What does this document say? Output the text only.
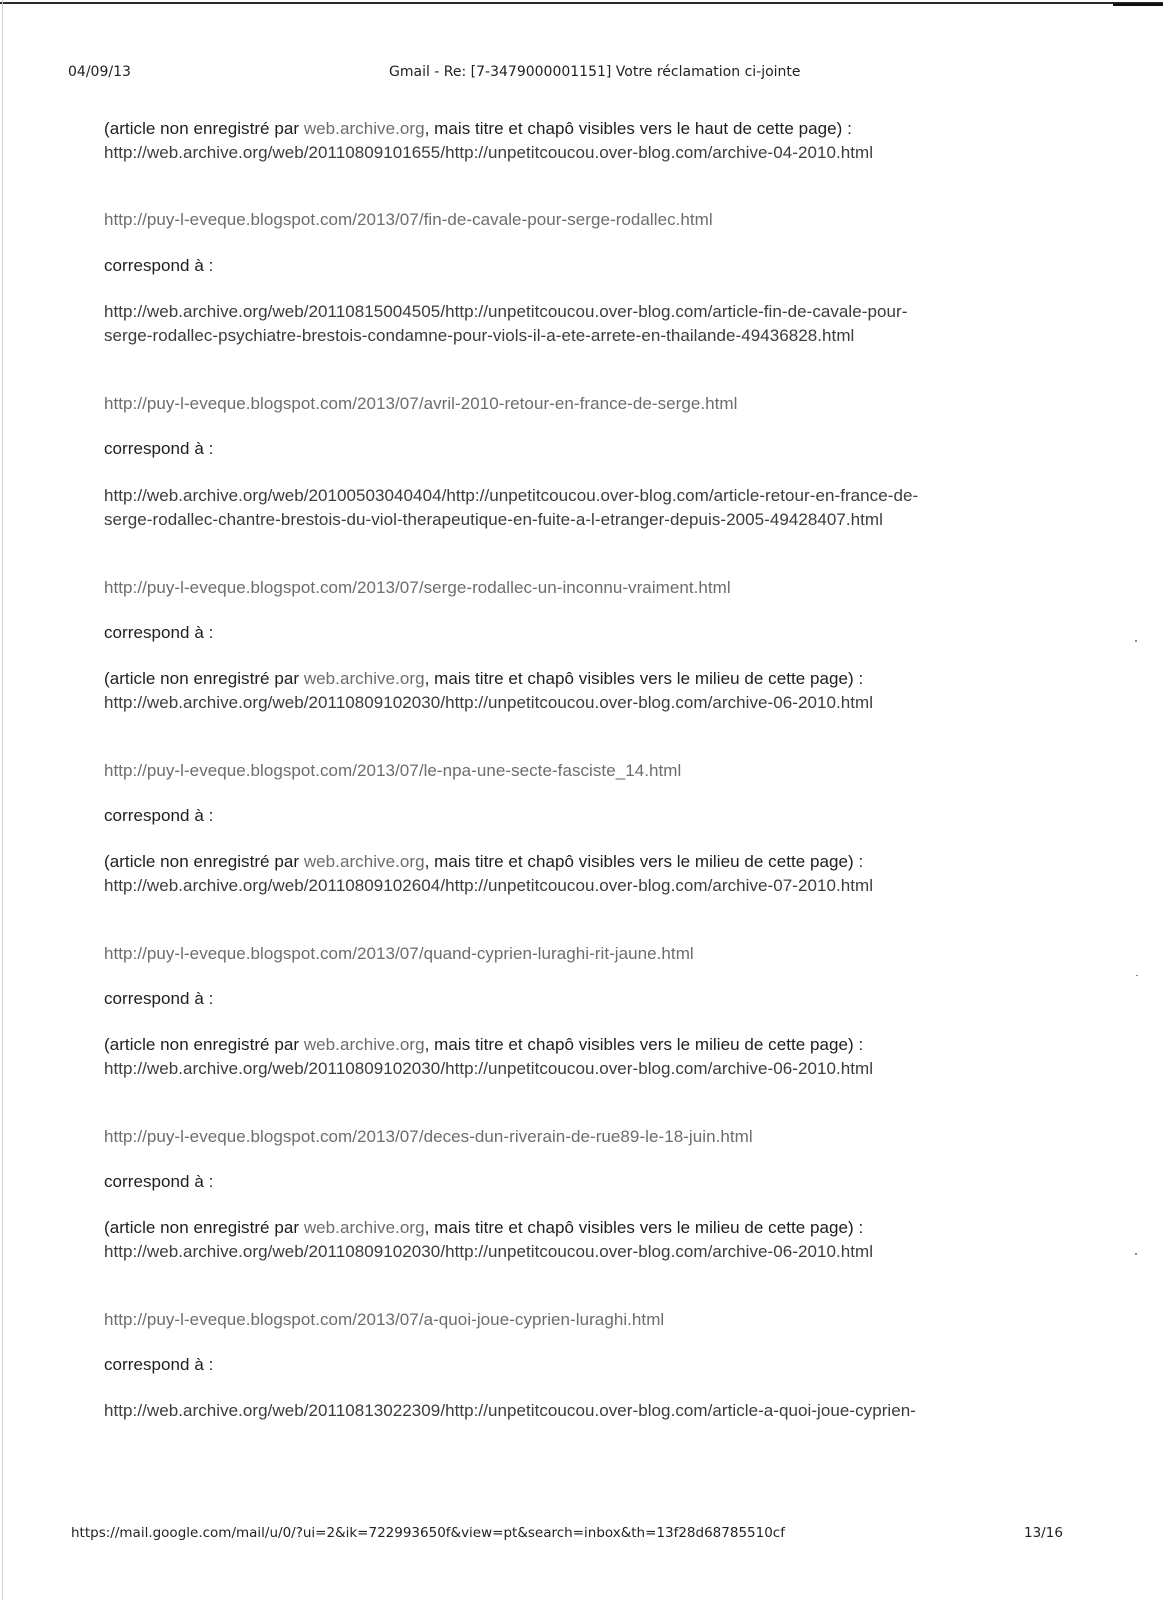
04/09/13	Gmail - Re: [7-3479000001151] Votre réclamation ci-jointe
(article non enregistré par web.archive.org, mais titre et chapô visibles vers le haut de cette page) :
http://web.archive.org/web/20110809101655/http://unpetitcoucou.over-blog.com/archive-04-2010.html
http://puy-l-eveque.blogspot.com/2013/07/fin-de-cavale-pour-serge-rodallec.html
correspond à :
http://web.archive.org/web/20110815004505/http://unpetitcoucou.over-blog.com/article-fin-de-cavale-pour-
serge-rodallec-psychiatre-brestois-condamne-pour-viols-il-a-ete-arrete-en-thailande-49436828.html
http://puy-l-eveque.blogspot.com/2013/07/avril-2010-retour-en-france-de-serge.html
correspond à :
http://web.archive.org/web/20100503040404/http://unpetitcoucou.over-blog.com/article-retour-en-france-de-
serge-rodallec-chantre-brestois-du-viol-therapeutique-en-fuite-a-l-etranger-depuis-2005-49428407.html
http://puy-l-eveque.blogspot.com/2013/07/serge-rodallec-un-inconnu-vraiment.html
correspond à :
(article non enregistré par web.archive.org, mais titre et chapô visibles vers le milieu de cette page) :
http://web.archive.org/web/20110809102030/http://unpetitcoucou.over-blog.com/archive-06-2010.html
http://puy-l-eveque.blogspot.com/2013/07/le-npa-une-secte-fasciste_14.html
correspond à :
(article non enregistré par web.archive.org, mais titre et chapô visibles vers le milieu de cette page) :
http://web.archive.org/web/20110809102604/http://unpetitcoucou.over-blog.com/archive-07-2010.html
http://puy-l-eveque.blogspot.com/2013/07/quand-cyprien-luraghi-rit-jaune.html
correspond à :
(article non enregistré par web.archive.org, mais titre et chapô visibles vers le milieu de cette page) :
http://web.archive.org/web/20110809102030/http://unpetitcoucou.over-blog.com/archive-06-2010.html
http://puy-l-eveque.blogspot.com/2013/07/deces-dun-riverain-de-rue89-le-18-juin.html
correspond à :
(article non enregistré par web.archive.org, mais titre et chapô visibles vers le milieu de cette page) :
http://web.archive.org/web/20110809102030/http://unpetitcoucou.over-blog.com/archive-06-2010.html
http://puy-l-eveque.blogspot.com/2013/07/a-quoi-joue-cyprien-luraghi.html
correspond à :
http://web.archive.org/web/20110813022309/http://unpetitcoucou.over-blog.com/article-a-quoi-joue-cyprien-
https://mail.google.com/mail/u/0/?ui=2&ik=722993650f&view=pt&search=inbox&th=13f28d68785510cf	13/16
